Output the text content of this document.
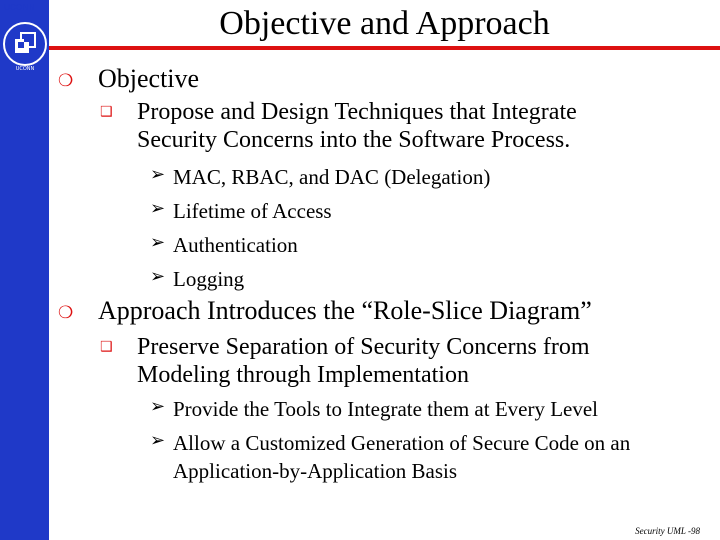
UCONN
UCONN
Objective and Approach
❍ Objective
❑ Propose and Design Techniques that Integrate
Security Concerns into the Software Process.
➢ MAC, RBAC, and DAC (Delegation)
➢ Lifetime of Access
➢ Authentication
➢ Logging
❍ Approach Introduces the “Role-Slice Diagram”
❑ Preserve Separation of Security Concerns from
Modeling through Implementation
➢ Provide the Tools to Integrate them at Every Level
➢ Allow a Customized Generation of Secure Code on an
Application-by-Application Basis
Security UML -98
